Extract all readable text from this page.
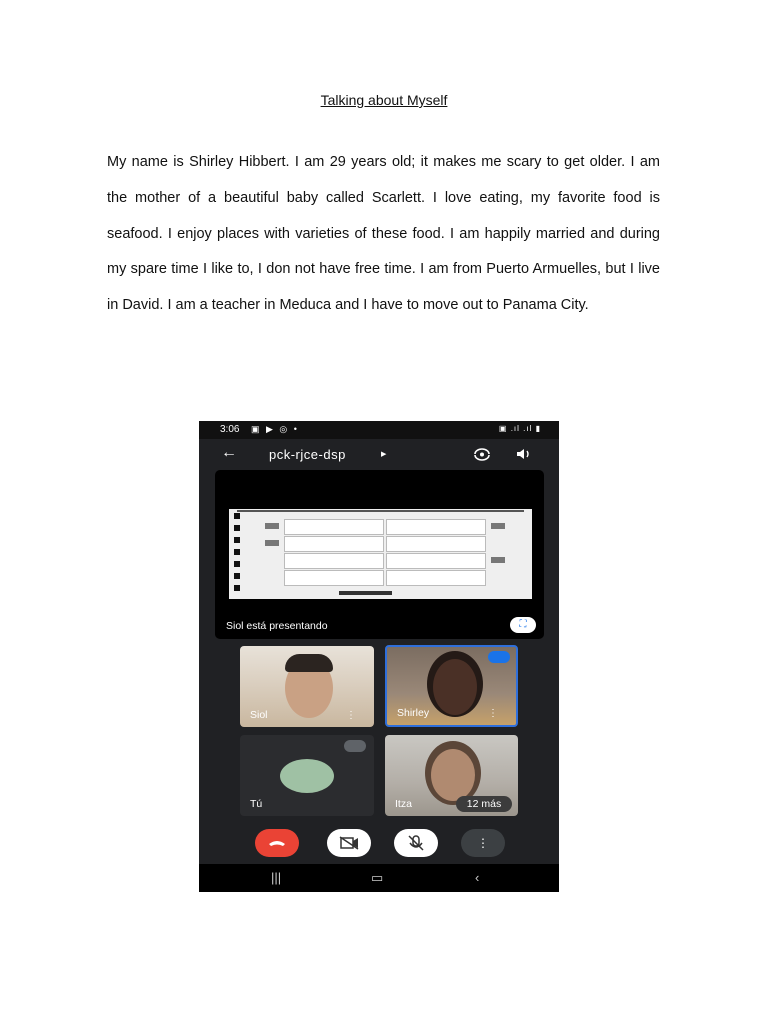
Talking about Myself

My name is Shirley Hibbert. I am 29 years old; it makes me scary to get older. I am the mother of a beautiful baby called Scarlett. I love eating, my favorite food is seafood. I enjoy places with varieties of these food. I am happily married and during my spare time I like to, I don not have free time. I am from Puerto Armuelles, but I live in David. I am a teacher in Meduca and I have to move out to Panama City.

3:06 ▣ ▶ ◎ •	▣ .ıl .ıl ▮
← pck-rjce-dsp	▶
Siol está presentando	⛶
Siol	⋮	Shirley	⋮
Tú	Itza	12 más
⋮
|||	▭	‹
